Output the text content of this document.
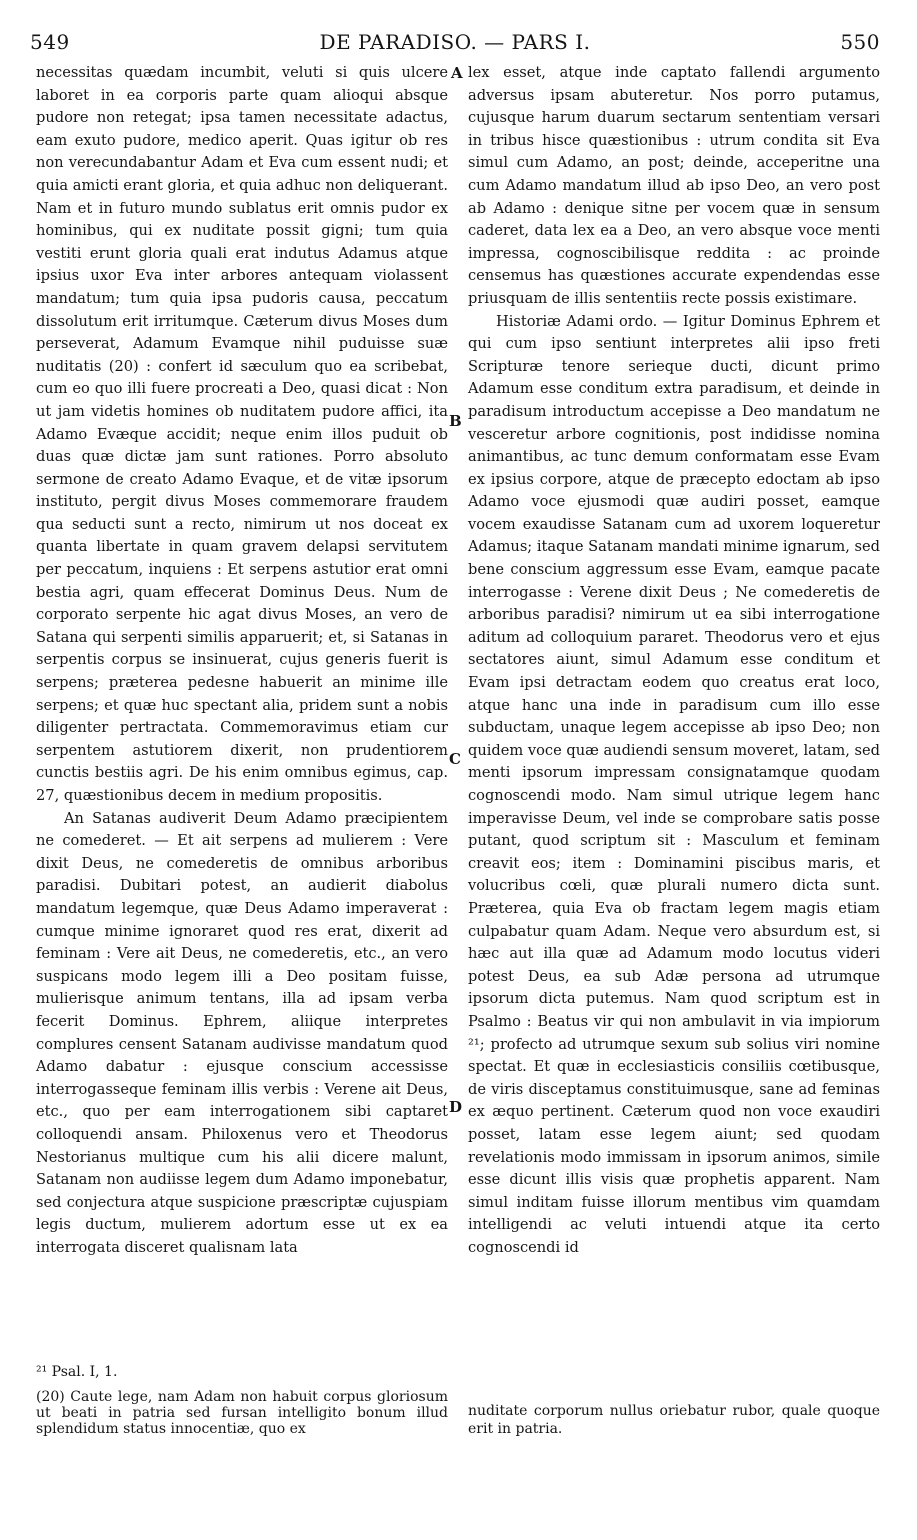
549	DE PARADISO. — PARS I.	550
A
B
C
D

necessitas quædam incumbit, veluti si quis ulcere laboret in ea corporis parte quam alioqui absque pudore non retegat; ipsa tamen necessitate adactus, eam exuto pudore, medico aperit. Quas igitur ob res non verecundabantur Adam et Eva cum essent nudi; et quia amicti erant gloria, et quia adhuc non deliquerant. Nam et in futuro mundo sublatus erit omnis pudor ex hominibus, qui ex nuditate possit gigni; tum quia vestiti erunt gloria quali erat indutus Adamus atque ipsius uxor Eva inter arbores antequam violassent mandatum; tum quia ipsa pudoris causa, peccatum dissolutum erit irritumque. Cæterum divus Moses dum perseverat, Adamum Evamque nihil puduisse suæ nuditatis (20) : confert id sæculum quo ea scribebat, cum eo quo illi fuere procreati a Deo, quasi dicat : Non ut jam videtis homines ob nuditatem pudore affici, ita Adamo Evæque accidit; neque enim illos puduit ob duas quæ dictæ jam sunt rationes. Porro absoluto sermone de creato Adamo Evaque, et de vitæ ipsorum instituto, pergit divus Moses commemorare fraudem qua seducti sunt a recto, nimirum ut nos doceat ex quanta libertate in quam gravem delapsi servitutem per peccatum, inquiens : Et serpens astutior erat omni bestia agri, quam effecerat Dominus Deus. Num de corporato serpente hic agat divus Moses, an vero de Satana qui serpenti similis apparuerit; et, si Satanas in serpentis corpus se insinuerat, cujus generis fuerit is serpens; præterea pedesne habuerit an minime ille serpens; et quæ huc spectant alia, pridem sunt a nobis diligenter pertractata. Commemoravimus etiam cur serpentem astutiorem dixerit, non prudentiorem cunctis bestiis agri. De his enim omnibus egimus, cap. 27, quæstionibus decem in medium propositis.

An Satanas audiverit Deum Adamo præcipientem ne comederet. — Et ait serpens ad mulierem : Vere dixit Deus, ne comederetis de omnibus arboribus paradisi. Dubitari potest, an audierit diabolus mandatum legemque, quæ Deus Adamo imperaverat : cumque minime ignoraret quod res erat, dixerit ad feminam : Vere ait Deus, ne comederetis, etc., an vero suspicans modo legem illi a Deo positam fuisse, mulierisque animum tentans, illa ad ipsam verba fecerit Dominus. Ephrem, aliique interpretes complures censent Satanam audivisse mandatum quod Adamo dabatur : ejusque conscium accessisse interrogasseque feminam illis verbis : Verene ait Deus, etc., quo per eam interrogationem sibi captaret colloquendi ansam. Philoxenus vero et Theodorus Nestorianus multique cum his alii dicere malunt, Satanam non audiisse legem dum Adamo imponebatur, sed conjectura atque suspicione præscriptæ cujuspiam legis ductum, mulierem adortum esse ut ex ea interrogata disceret qualisnam lata

lex esset, atque inde captato fallendi argumento adversus ipsam abuteretur. Nos porro putamus, cujusque harum duarum sectarum sententiam versari in tribus hisce quæstionibus : utrum condita sit Eva simul cum Adamo, an post; deinde, acceperitne una cum Adamo mandatum illud ab ipso Deo, an vero post ab Adamo : denique sitne per vocem quæ in sensum caderet, data lex ea a Deo, an vero absque voce menti impressa, cognoscibilisque reddita : ac proinde censemus has quæstiones accurate expendendas esse priusquam de illis sententiis recte possis existimare.

Historiæ Adami ordo. — Igitur Dominus Ephrem et qui cum ipso sentiunt interpretes alii ipso freti Scripturæ tenore serieque ducti, dicunt primo Adamum esse conditum extra paradisum, et deinde in paradisum introductum accepisse a Deo mandatum ne vesceretur arbore cognitionis, post indidisse nomina animantibus, ac tunc demum conformatam esse Evam ex ipsius corpore, atque de præcepto edoctam ab ipso Adamo voce ejusmodi quæ audiri posset, eamque vocem exaudisse Satanam cum ad uxorem loqueretur Adamus; itaque Satanam mandati minime ignarum, sed bene conscium aggressum esse Evam, eamque pacate interrogasse : Verene dixit Deus ; Ne comederetis de arboribus paradisi? nimirum ut ea sibi interrogatione aditum ad colloquium pararet. Theodorus vero et ejus sectatores aiunt, simul Adamum esse conditum et Evam ipsi detractam eodem quo creatus erat loco, atque hanc una inde in paradisum cum illo esse subductam, unaque legem accepisse ab ipso Deo; non quidem voce quæ audiendi sensum moveret, latam, sed menti ipsorum impressam consignatamque quodam cognoscendi modo. Nam simul utrique legem hanc imperavisse Deum, vel inde se comprobare satis posse putant, quod scriptum sit : Masculum et feminam creavit eos; item : Dominamini piscibus maris, et volucribus cœli, quæ plurali numero dicta sunt. Præterea, quia Eva ob fractam legem magis etiam culpabatur quam Adam. Neque vero absurdum est, si hæc aut illa quæ ad Adamum modo locutus videri potest Deus, ea sub Adæ persona ad utrumque ipsorum dicta putemus. Nam quod scriptum est in Psalmo : Beatus vir qui non ambulavit in via impiorum ²¹; profecto ad utrumque sexum sub solius viri nomine spectat. Et quæ in ecclesiasticis consiliis cœtibusque, de viris disceptamus constituimusque, sane ad feminas ex æquo pertinent. Cæterum quod non voce exaudiri posset, latam esse legem aiunt; sed quodam revelationis modo immissam in ipsorum animos, simile esse dicunt illis visis quæ prophetis apparent. Nam simul inditam fuisse illorum mentibus vim quamdam intelligendi ac veluti intuendi atque ita certo cognoscendi id

²¹ Psal. I, 1.

(20) Caute lege, nam Adam non habuit corpus gloriosum ut beati in patria sed fursan intelligito bonum illud splendidum status innocentiæ, quo ex

nuditate corporum nullus oriebatur rubor, quale quoque erit in patria.
